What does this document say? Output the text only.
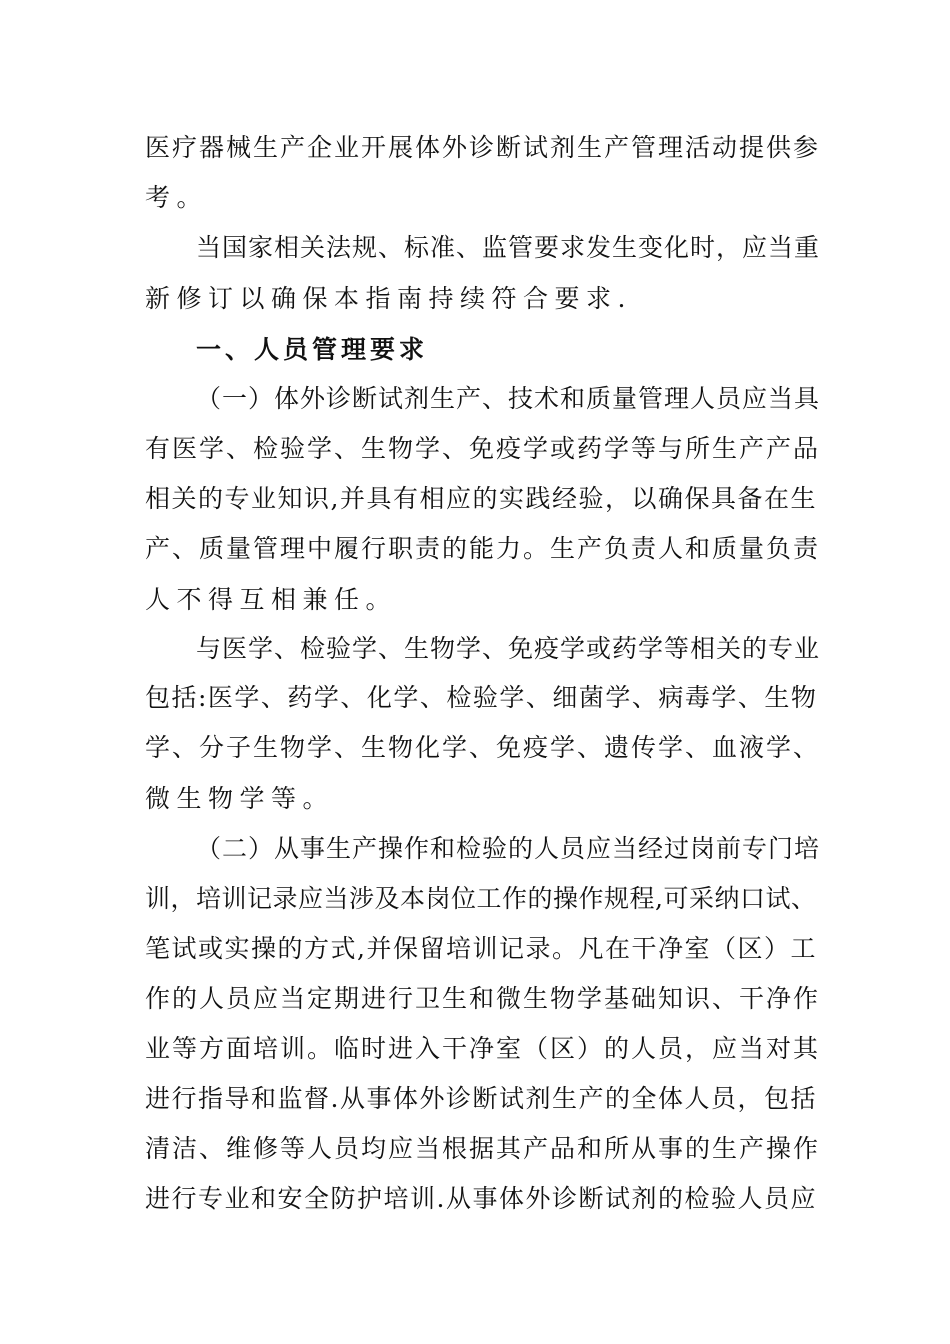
医疗器械生产企业开展体外诊断试剂生产管理活动提供参
考。
当国家相关法规、标准、监管要求发生变化时，应当重
新修订以确保本指南持续符合要求.
一、人员管理要求
（一）体外诊断试剂生产、技术和质量管理人员应当具
有医学、检验学、生物学、免疫学或药学等与所生产产品
相关的专业知识,并具有相应的实践经验，以确保具备在生
产、质量管理中履行职责的能力。生产负责人和质量负责
人不得互相兼任。
与医学、检验学、生物学、免疫学或药学等相关的专业
包括:医学、药学、化学、检验学、细菌学、病毒学、生物
学、分子生物学、生物化学、免疫学、遗传学、血液学、
微生物学等。
（二）从事生产操作和检验的人员应当经过岗前专门培
训，培训记录应当涉及本岗位工作的操作规程,可采纳口试、
笔试或实操的方式,并保留培训记录。凡在干净室（区）工
作的人员应当定期进行卫生和微生物学基础知识、干净作
业等方面培训。临时进入干净室（区）的人员，应当对其
进行指导和监督.从事体外诊断试剂生产的全体人员，包括
清洁、维修等人员均应当根据其产品和所从事的生产操作
进行专业和安全防护培训.从事体外诊断试剂的检验人员应
